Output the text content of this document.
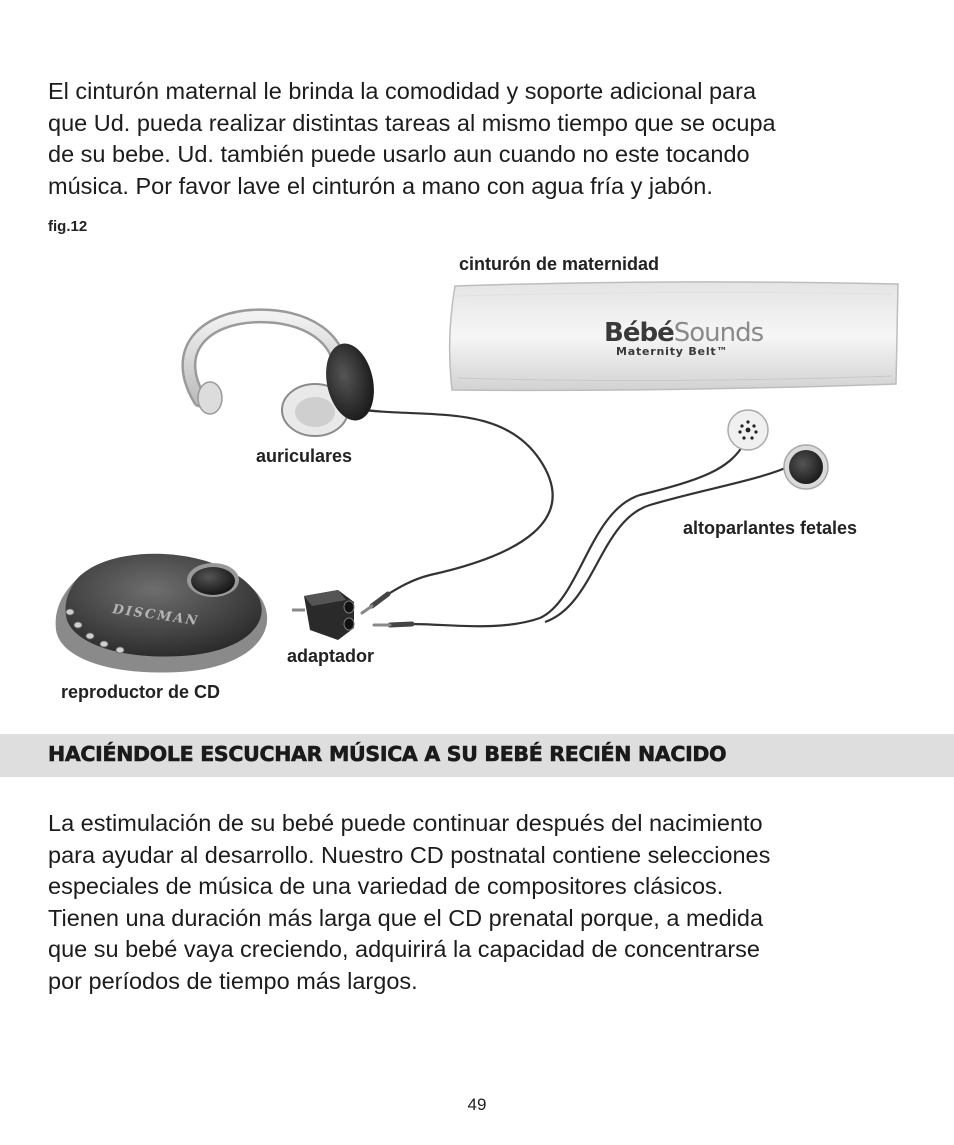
El cinturón maternal le brinda la comodidad y soporte adicional para
que Ud. pueda realizar distintas tareas al mismo tiempo que se ocupa
de su bebe. Ud. también puede usarlo aun cuando no este tocando
música. Por favor lave el cinturón a mano con agua fría y jabón.

fig.12
BébéSounds
Maternity Belt™
DISCMAN
cinturón de maternidad
auriculares
altoparlantes fetales
adaptador
reproductor de CD
HACIÉNDOLE ESCUCHAR MÚSICA A SU BEBÉ RECIÉN NACIDO

La estimulación de su bebé puede continuar después del nacimiento
para ayudar al desarrollo. Nuestro CD postnatal contiene selecciones
especiales de música de una variedad de compositores clásicos.
Tienen una duración más larga que el CD prenatal porque, a medida
que su bebé vaya creciendo, adquirirá la capacidad de concentrarse
por períodos de tiempo más largos.

49
